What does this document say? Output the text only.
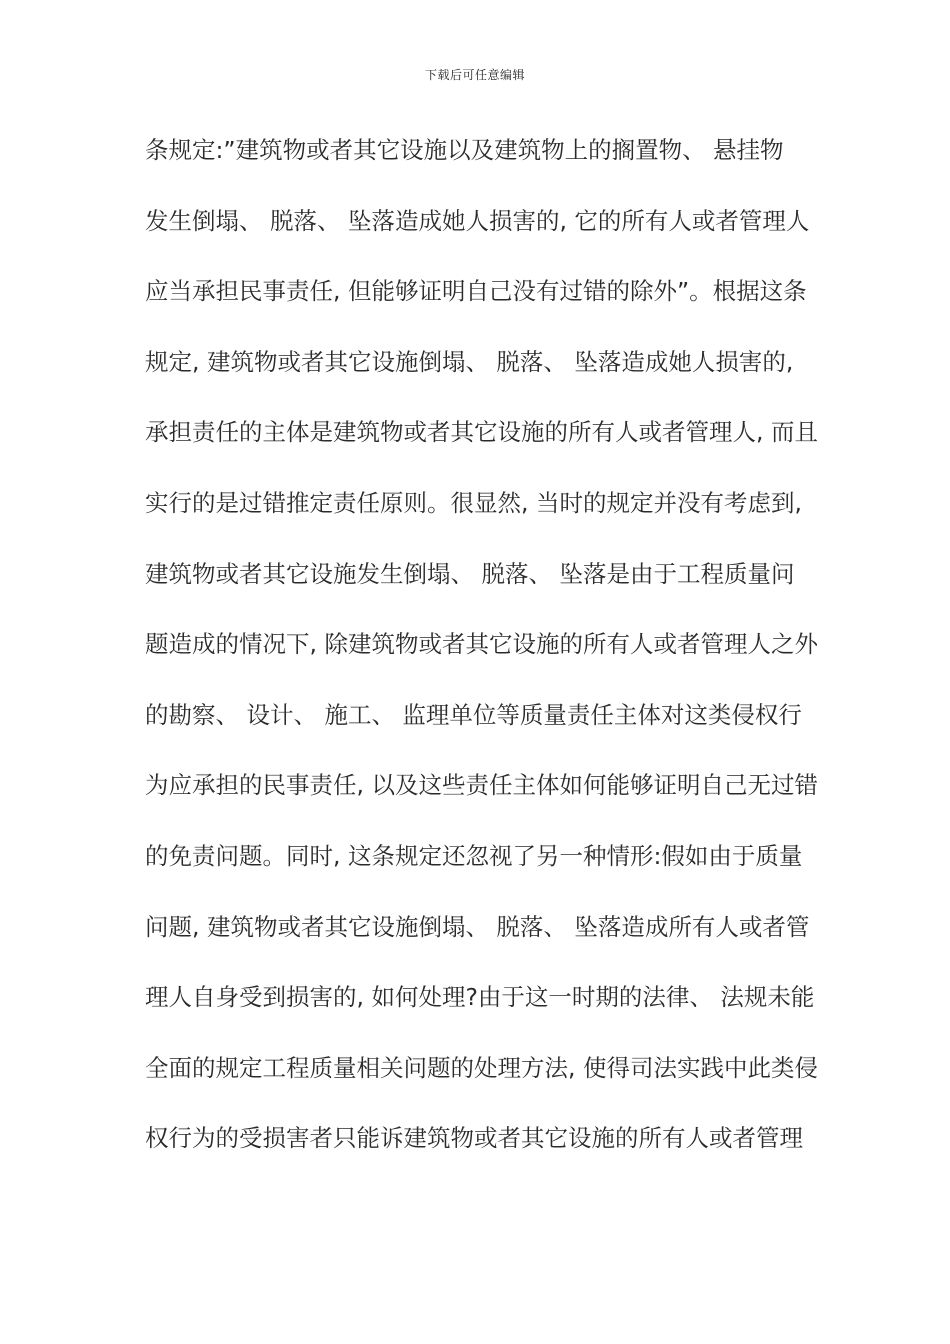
下载后可任意编辑
条规定:”建筑物或者其它设施以及建筑物上的搁置物、 悬挂物
发生倒塌、 脱落、 坠落造成她人损害的, 它的所有人或者管理人
应当承担民事责任, 但能够证明自己没有过错的除外”。根据这条
规定, 建筑物或者其它设施倒塌、 脱落、 坠落造成她人损害的,
承担责任的主体是建筑物或者其它设施的所有人或者管理人, 而且
实行的是过错推定责任原则。很显然, 当时的规定并没有考虑到,
建筑物或者其它设施发生倒塌、 脱落、 坠落是由于工程质量问
题造成的情况下, 除建筑物或者其它设施的所有人或者管理人之外
的勘察、 设计、 施工、 监理单位等质量责任主体对这类侵权行
为应承担的民事责任, 以及这些责任主体如何能够证明自己无过错
的免责问题。同时, 这条规定还忽视了另一种情形:假如由于质量
问题, 建筑物或者其它设施倒塌、 脱落、 坠落造成所有人或者管
理人自身受到损害的, 如何处理?由于这一时期的法律、 法规未能
全面的规定工程质量相关问题的处理方法, 使得司法实践中此类侵
权行为的受损害者只能诉建筑物或者其它设施的所有人或者管理
